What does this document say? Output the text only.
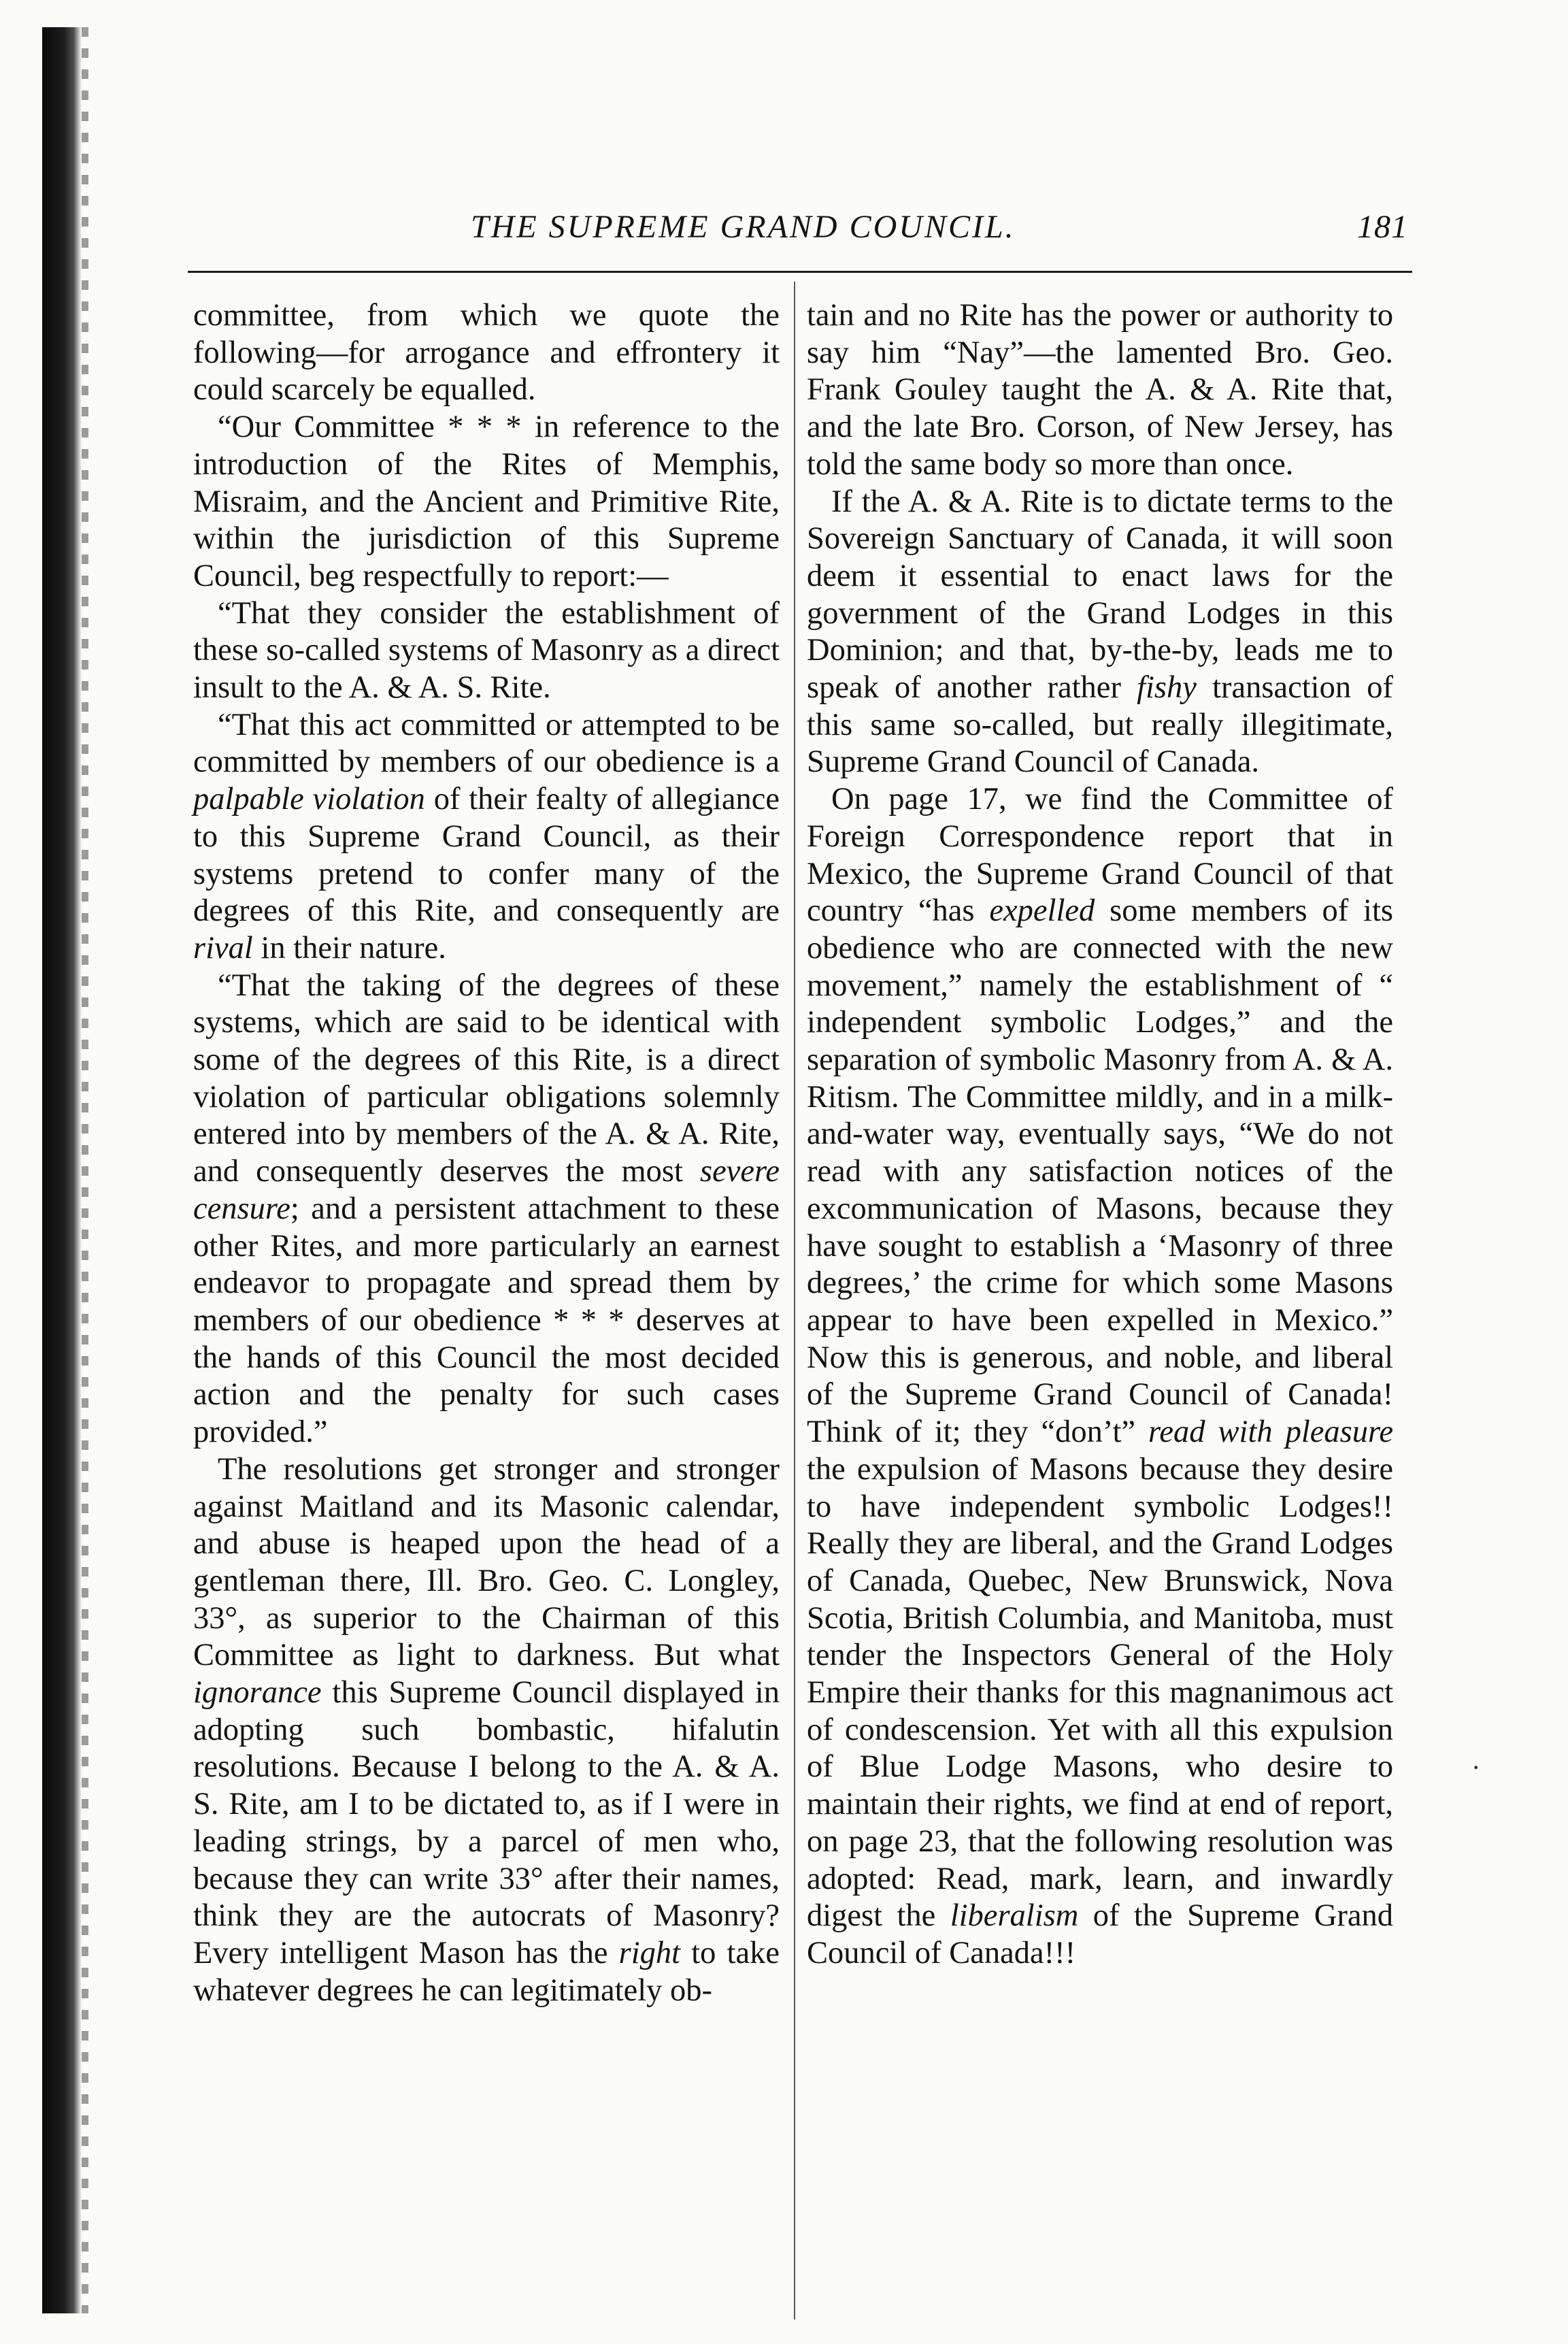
THE SUPREME GRAND COUNCIL.	181

committee, from which we quote the following—for arrogance and effrontery it could scarcely be equalled.

“Our Committee * * * in reference to the introduction of the Rites of Memphis, Misraim, and the Ancient and Primitive Rite, within the jurisdiction of this Supreme Council, beg respectfully to report:—

“That they consider the establishment of these so-called systems of Masonry as a direct insult to the A. & A. S. Rite.

“That this act committed or attempted to be committed by members of our obedience is a palpable violation of their fealty of allegiance to this Supreme Grand Council, as their systems pretend to confer many of the degrees of this Rite, and consequently are rival in their nature.

“That the taking of the degrees of these systems, which are said to be identical with some of the degrees of this Rite, is a direct violation of particular obligations solemnly entered into by members of the A. & A. Rite, and consequently deserves the most severe censure; and a persistent attachment to these other Rites, and more particularly an earnest endeavor to propagate and spread them by members of our obedience * * * deserves at the hands of this Council the most decided action and the penalty for such cases provided.”

The resolutions get stronger and stronger against Maitland and its Masonic calendar, and abuse is heaped upon the head of a gentleman there, Ill. Bro. Geo. C. Longley, 33°, as superior to the Chairman of this Committee as light to darkness. But what ignorance this Supreme Council displayed in adopting such bombastic, hifalutin resolutions. Because I belong to the A. & A. S. Rite, am I to be dictated to, as if I were in leading strings, by a parcel of men who, because they can write 33° after their names, think they are the autocrats of Masonry? Every intelligent Mason has the right to take whatever degrees he can legitimately ob-

tain and no Rite has the power or authority to say him “Nay”—the lamented Bro. Geo. Frank Gouley taught the A. & A. Rite that, and the late Bro. Corson, of New Jersey, has told the same body so more than once.

If the A. & A. Rite is to dictate terms to the Sovereign Sanctuary of Canada, it will soon deem it essential to enact laws for the government of the Grand Lodges in this Dominion; and that, by-the-by, leads me to speak of another rather fishy transaction of this same so-called, but really illegitimate, Supreme Grand Council of Canada.

On page 17, we find the Committee of Foreign Correspondence report that in Mexico, the Supreme Grand Council of that country “has expelled some members of its obedience who are connected with the new movement,” namely the establishment of “ independent symbolic Lodges,” and the separation of symbolic Masonry from A. & A. Ritism. The Committee mildly, and in a milk-and-water way, eventually says, “We do not read with any satisfaction notices of the excommunication of Masons, because they have sought to establish a ‘Masonry of three degrees,’ the crime for which some Masons appear to have been expelled in Mexico.” Now this is generous, and noble, and liberal of the Supreme Grand Council of Canada! Think of it; they “don’t” read with pleasure the expulsion of Masons because they desire to have independent symbolic Lodges!! Really they are liberal, and the Grand Lodges of Canada, Quebec, New Brunswick, Nova Scotia, British Columbia, and Manitoba, must tender the Inspectors General of the Holy Empire their thanks for this magnanimous act of condescension. Yet with all this expulsion of Blue Lodge Masons, who desire to maintain their rights, we find at end of report, on page 23, that the following resolution was adopted: Read, mark, learn, and inwardly digest the liberalism of the Supreme Grand Council of Canada!!!

·
